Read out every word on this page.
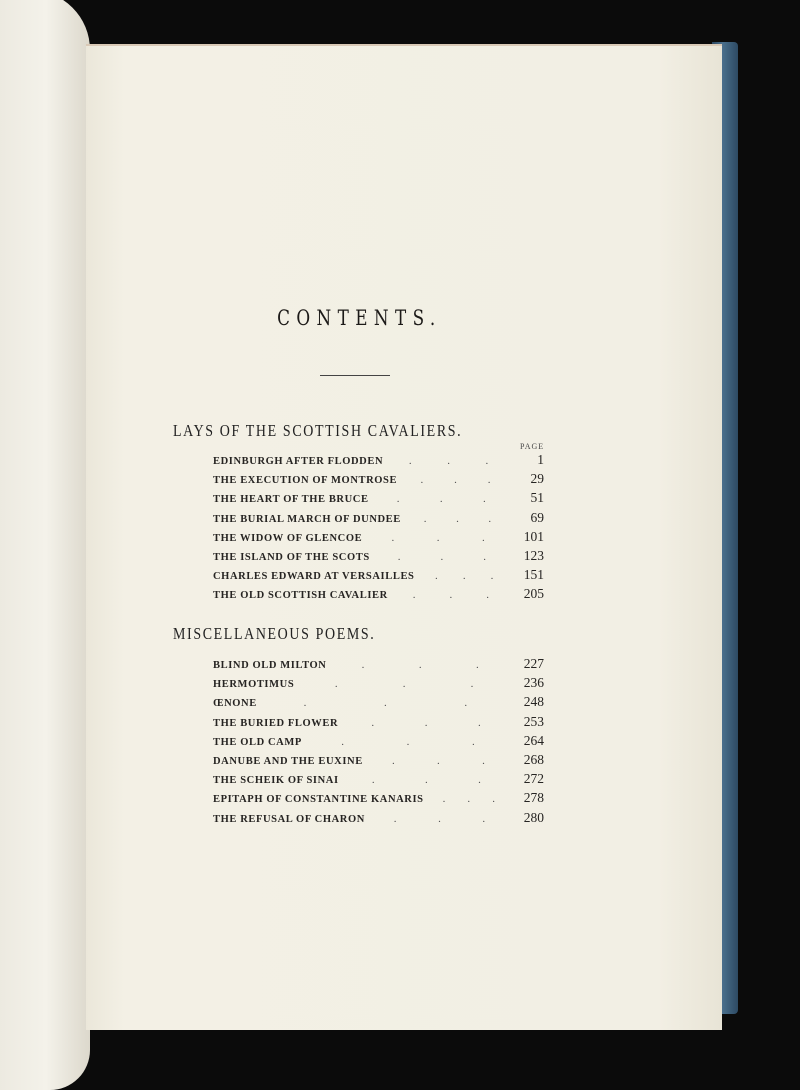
CONTENTS.
LAYS OF THE SCOTTISH CAVALIERS.
PAGE
EDINBURGH AFTER FLODDEN .	.	.	1
THE EXECUTION OF MONTROSE .	.	.	29
THE HEART OF THE BRUCE	.	.	.	51
THE BURIAL MARCH OF DUNDEE .	.	.	69
THE WIDOW OF GLENCOE	.	.	.	101
THE ISLAND OF THE SCOTS	.	.	.	123
CHARLES EDWARD AT VERSAILLES . . .	151
THE OLD SCOTTISH CAVALIER .	.	.	205
MISCELLANEOUS POEMS.
BLIND OLD MILTON	.	.	.	227
HERMOTIMUS	.	.	.	236
ŒNONE	.	.	.	248
THE BURIED FLOWER	.	.	.	253
THE OLD CAMP	.	.	.	264
DANUBE AND THE EUXINE	.	.	.	268
THE SCHEIK OF SINAI	.	.	.	272
EPITAPH OF CONSTANTINE KANARIS . . .	278
THE REFUSAL OF CHARON	.	.	.	280
